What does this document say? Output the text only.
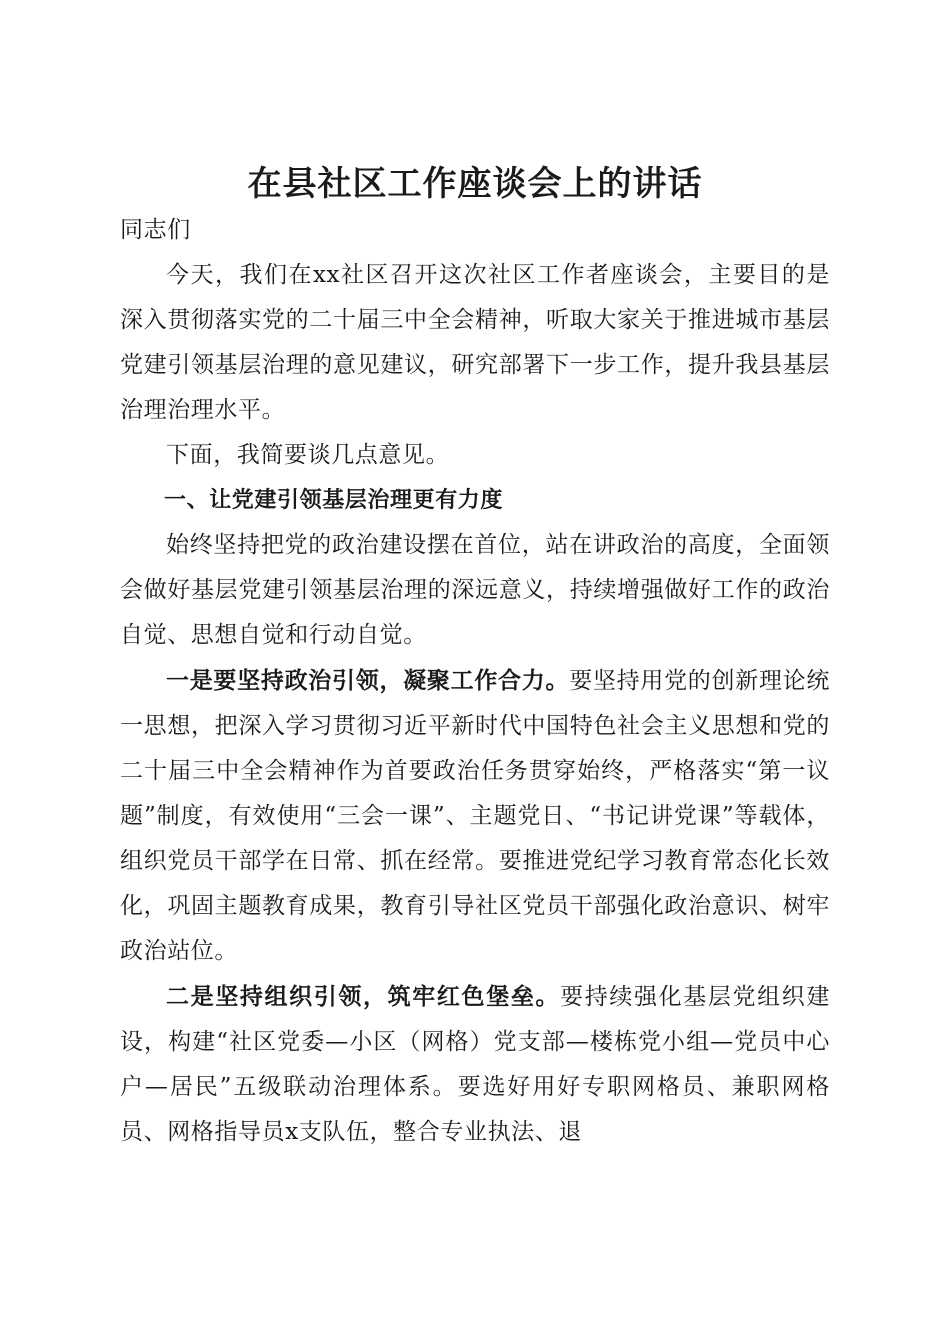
在县社区工作座谈会上的讲话

同志们

今天，我们在xx社区召开这次社区工作者座谈会，主要目的是深入贯彻落实党的二十届三中全会精神，听取大家关于推进城市基层党建引领基层治理的意见建议，研究部署下一步工作，提升我县基层治理治理水平。

下面，我简要谈几点意见。

一、让党建引领基层治理更有力度

始终坚持把党的政治建设摆在首位，站在讲政治的高度，全面领会做好基层党建引领基层治理的深远意义，持续增强做好工作的政治自觉、思想自觉和行动自觉。

一是要坚持政治引领，凝聚工作合力。要坚持用党的创新理论统一思想，把深入学习贯彻习近平新时代中国特色社会主义思想和党的二十届三中全会精神作为首要政治任务贯穿始终，严格落实“第一议题”制度，有效使用“三会一课”、主题党日、“书记讲党课”等载体，组织党员干部学在日常、抓在经常。要推进党纪学习教育常态化长效化，巩固主题教育成果，教育引导社区党员干部强化政治意识、树牢政治站位。

二是坚持组织引领，筑牢红色堡垒。要持续强化基层党组织建设，构建“社区党委—小区（网格）党支部—楼栋党小组—党员中心户—居民”五级联动治理体系。要选好用好专职网格员、兼职网格员、网格指导员x支队伍，整合专业执法、退
